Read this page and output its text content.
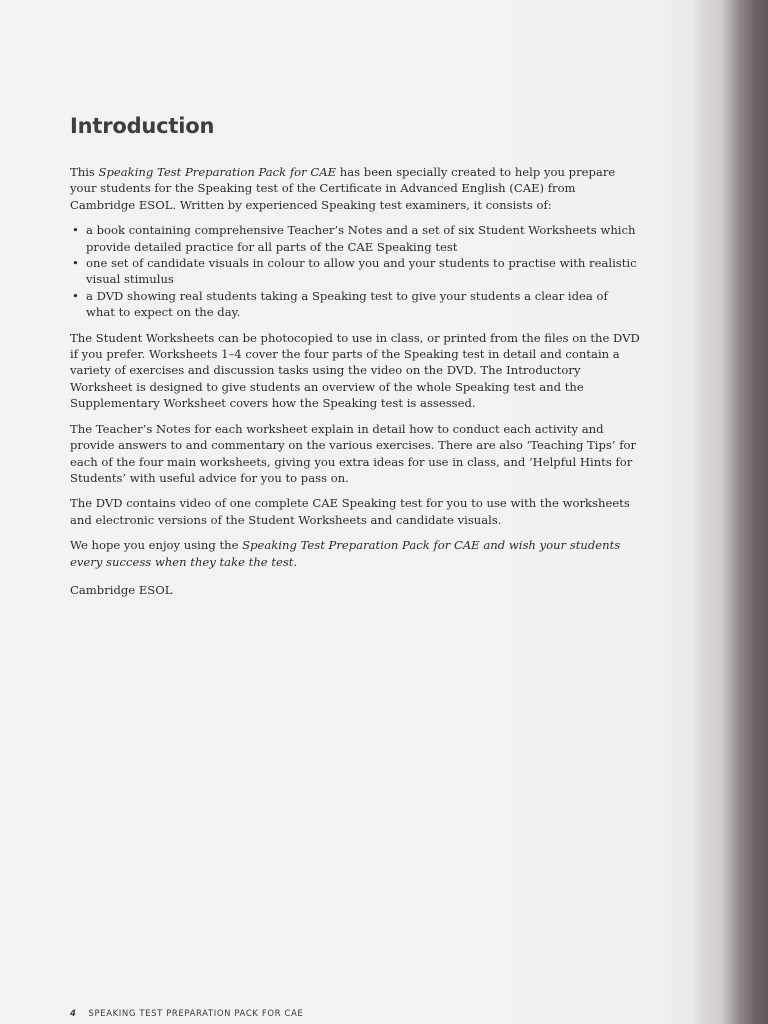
Introduction

This Speaking Test Preparation Pack for CAE has been specially created to help you prepare your students for the Speaking test of the Certificate in Advanced English (CAE) from Cambridge ESOL. Written by experienced Speaking test examiners, it consists of:

• a book containing comprehensive Teacher’s Notes and a set of six Student Worksheets which provide detailed practice for all parts of the CAE Speaking test
• one set of candidate visuals in colour to allow you and your students to practise with realistic visual stimulus
• a DVD showing real students taking a Speaking test to give your students a clear idea of what to expect on the day.

The Student Worksheets can be photocopied to use in class, or printed from the files on the DVD if you prefer. Worksheets 1–4 cover the four parts of the Speaking test in detail and contain a variety of exercises and discussion tasks using the video on the DVD. The Introductory Worksheet is designed to give students an overview of the whole Speaking test and the Supplementary Worksheet covers how the Speaking test is assessed.

The Teacher’s Notes for each worksheet explain in detail how to conduct each activity and provide answers to and commentary on the various exercises. There are also ‘Teaching Tips’ for each of the four main worksheets, giving you extra ideas for use in class, and ‘Helpful Hints for Students’ with useful advice for you to pass on.

The DVD contains video of one complete CAE Speaking test for you to use with the worksheets and electronic versions of the Student Worksheets and candidate visuals.

We hope you enjoy using the Speaking Test Preparation Pack for CAE and wish your students every success when they take the test.

Cambridge ESOL

4 SPEAKING TEST PREPARATION PACK FOR CAE
